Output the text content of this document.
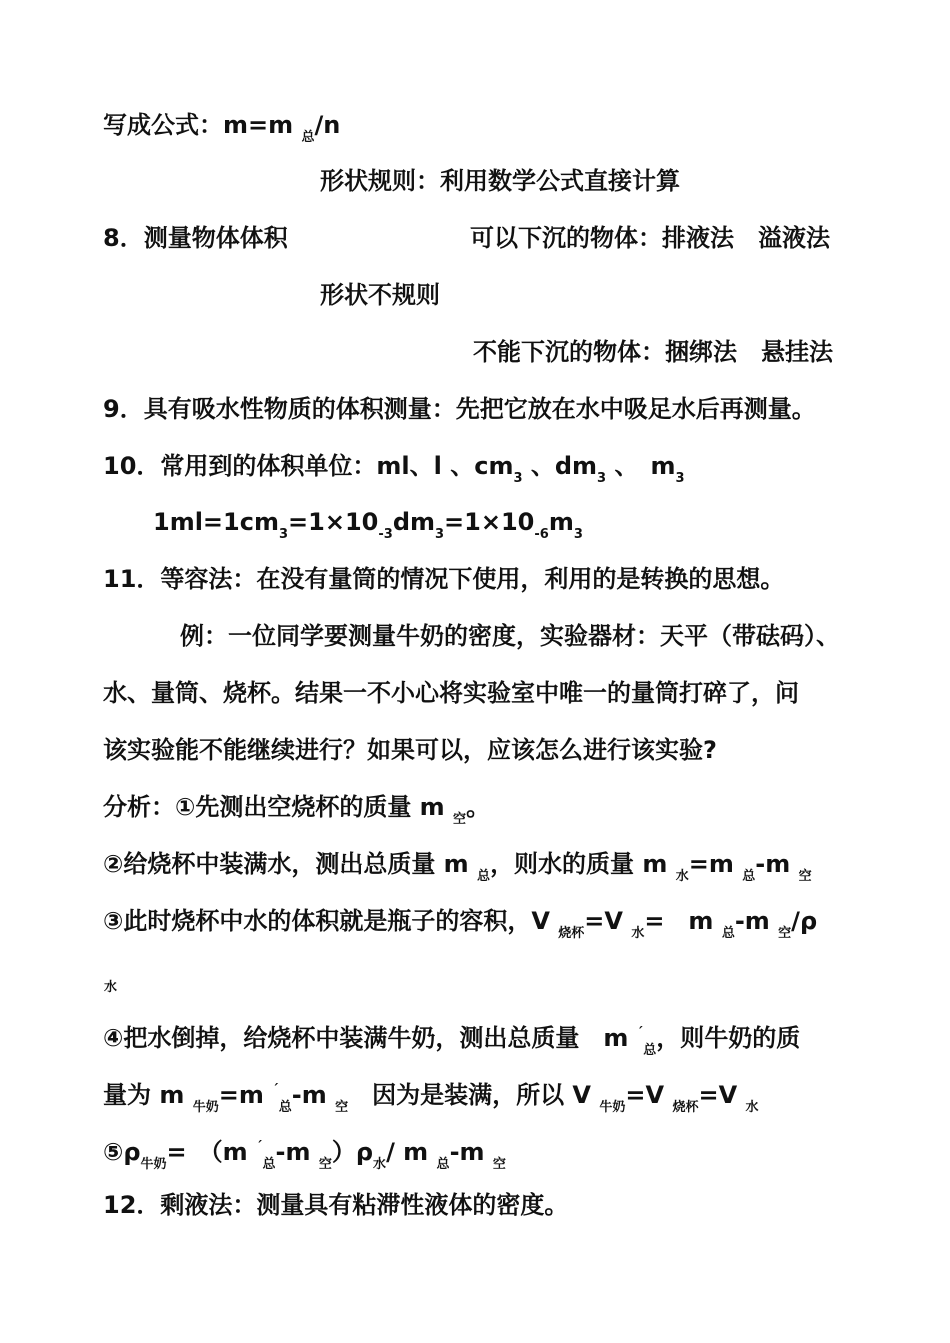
写成公式：m=m $_总$/n
形状规则：利用数学公式直接计算
8．测量物体体积	可以下沉的物体：排液法　溢液法
形状不规则
不能下沉的物体：捆绑法　悬挂法
9．具有吸水性物质的体积测量：先把它放在水中吸足水后再测量。
10．常用到的体积单位：ml、l 、$cm_3$ 、$dm_3$ 、　$m_3$
$1ml=1cm_3=1\times 10_{-3}dm_3=1\times 10_{-6}m_3$
11．等容法：在没有量筒的情况下使用，利用的是转换的思想。
例：一位同学要测量牛奶的密度，实验器材：天平（带砝码）、
水、量筒、烧杯。结果一不小心将实验室中唯一的量筒打碎了，问
该实验能不能继续进行？如果可以，应该怎么进行该实验?
分析：①先测出空烧杯的质量 m $_空$。
②给烧杯中装满水，测出总质量 m $_总$，则水的质量 m $_水$=m $_总$-m $_空$
③此时烧杯中水的体积就是瓶子的容积，V $_{烧杯}$=V $_水$=　m $_总$-m $_空$/ρ
水
④把水倒掉，给烧杯中装满牛奶，测出总质量　m ´$_总$，则牛奶的质
量为 m $_{牛奶}$=m ´$_总$-m $_空$　因为是装满，所以 V $_{牛奶}$=V $_{烧杯}$=V $_水$
$⑤\rho_{牛奶}=$　（m ´$_总$-m $_空)\rho_水/$ m $_总$-m $_空$
12．剩液法：测量具有粘滞性液体的密度。
